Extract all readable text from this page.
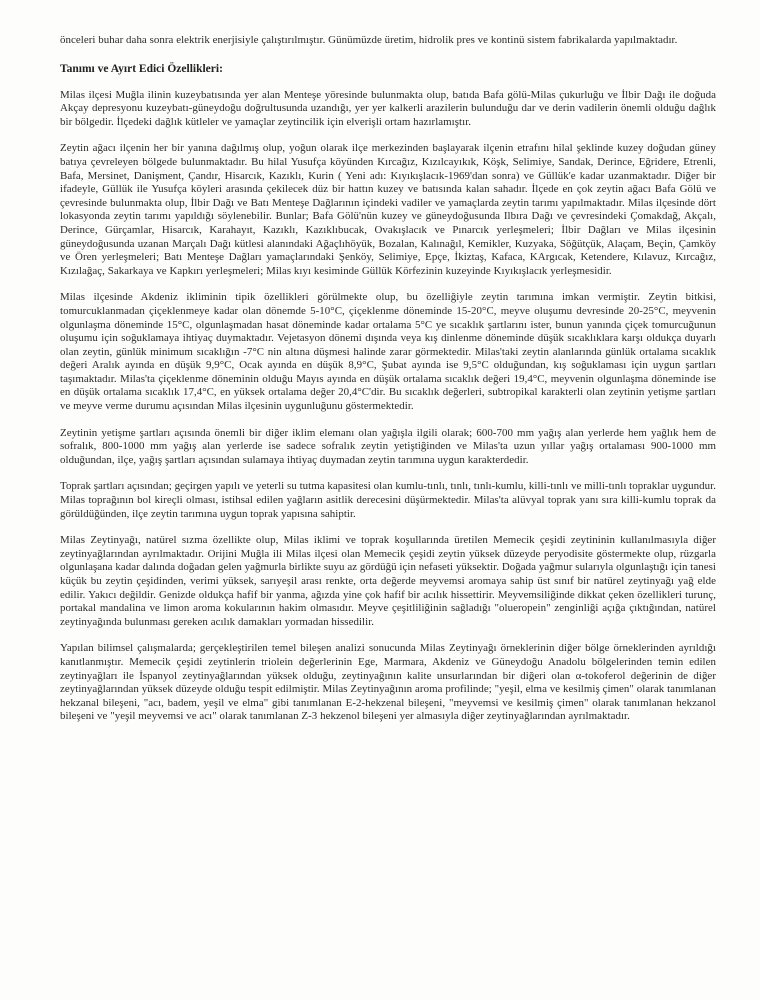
önceleri buhar daha sonra elektrik enerjisiyle çalıştırılmıştır. Günümüzde üretim, hidrolik pres ve kontinü sistem fabrikalarda yapılmaktadır.

Tanımı ve Ayırt Edici Özellikleri:

Milas ilçesi Muğla ilinin kuzeybatısında yer alan Menteşe yöresinde bulunmakta olup, batıda Bafa gölü-Milas çukurluğu ve İlbir Dağı ile doğuda Akçay depresyonu kuzeybatı-güneydoğu doğrultusunda uzandığı, yer yer kalkerli arazilerin bulunduğu dar ve derin vadilerin önemli olduğu dağlık bir bölgedir. İlçedeki dağlık kütleler ve yamaçlar zeytincilik için elverişli ortam hazırlamıştır.

Zeytin ağacı ilçenin her bir yanına dağılmış olup, yoğun olarak ilçe merkezinden başlayarak ilçenin etrafını hilal şeklinde kuzey doğudan güney batıya çevreleyen bölgede bulunmaktadır. Bu hilal Yusufça köyünden Kırcağız, Kızılcayıkık, Köşk, Selimiye, Sandak, Derince, Eğridere, Etrenli, Bafa, Mersinet, Danişment, Çandır, Hisarcık, Kazıklı, Kurin ( Yeni adı: Kıyıkışlacık-1969'dan sonra) ve Güllük'e kadar uzanmaktadır. Diğer bir ifadeyle, Güllük ile Yusufça köyleri arasında çekilecek düz bir hattın kuzey ve batısında kalan sahadır. İlçede en çok zeytin ağacı Bafa Gölü ve çevresinde bulunmakta olup, İlbir Dağı ve Batı Menteşe Dağlarının içindeki vadiler ve yamaçlarda zeytin tarımı yapılmaktadır. Milas ilçesinde dört lokasyonda zeytin tarımı yapıldığı söylenebilir. Bunlar; Bafa Gölü'nün kuzey ve güneydoğusunda Ilbıra Dağı ve çevresindeki Çomakdağ, Akçalı, Derince, Gürçamlar, Hisarcık, Karahayıt, Kazıklı, Kazıklıbucak, Ovakışlacık ve Pınarcık yerleşmeleri; İlbir Dağları ve Milas ilçesinin güneydoğusunda uzanan Marçalı Dağı kütlesi alanındaki Ağaçlıhöyük, Bozalan, Kalınağıl, Kemikler, Kuzyaka, Söğütçük, Alaçam, Beçin, Çamköy ve Ören yerleşmeleri; Batı Menteşe Dağları yamaçlarındaki Şenköy, Selimiye, Epçe, İkiztaş, Kafaca, KArgıcak, Ketendere, Kılavuz, Kırcağız, Kızılağaç, Sakarkaya ve Kapkırı yerleşmeleri; Milas kıyı kesiminde Güllük Körfezinin kuzeyinde Kıyıkışlacık yerleşmesidir.

Milas ilçesinde Akdeniz ikliminin tipik özellikleri görülmekte olup, bu özelliğiyle zeytin tarımına imkan vermiştir. Zeytin bitkisi, tomurcuklanmadan çiçeklenmeye kadar olan dönemde 5-10°C, çiçeklenme döneminde 15-20°C, meyve oluşumu devresinde 20-25°C, meyvenin olgunlaşma döneminde 15°C, olgunlaşmadan hasat döneminde kadar ortalama 5°C ye sıcaklık şartlarını ister, bunun yanında çiçek tomurcuğunun oluşumu için soğuklamaya ihtiyaç duymaktadır. Vejetasyon dönemi dışında veya kış dinlenme döneminde düşük sıcaklıklara karşı oldukça duyarlı olan zeytin, günlük minimum sıcaklığın -7°C nin altına düşmesi halinde zarar görmektedir. Milas'taki zeytin alanlarında günlük ortalama sıcaklık değeri Aralık ayında en düşük 9,9°C, Ocak ayında en düşük 8,9°C, Şubat ayında ise 9,5°C olduğundan, kış soğuklaması için uygun şartları taşımaktadır. Milas'ta çiçeklenme döneminin olduğu Mayıs ayında en düşük ortalama sıcaklık değeri 19,4°C, meyvenin olgunlaşma döneminde ise en düşük ortalama sıcaklık 17,4°C, en yüksek ortalama değer 20,4°C'dir. Bu sıcaklık değerleri, subtropikal karakterli olan zeytinin yetişme şartları ve meyve verme durumu açısından Milas ilçesinin uygunluğunu göstermektedir.

Zeytinin yetişme şartları açısında önemli bir diğer iklim elemanı olan yağışla ilgili olarak; 600-700 mm yağış alan yerlerde hem yağlık hem de sofralık, 800-1000 mm yağış alan yerlerde ise sadece sofralık zeytin yetiştiğinden ve Milas'ta uzun yıllar yağış ortalaması 900-1000 mm olduğundan, ilçe, yağış şartları açısından sulamaya ihtiyaç duymadan zeytin tarımına uygun karakterdedir.

Toprak şartları açısından; geçirgen yapılı ve yeterli su tutma kapasitesi olan kumlu-tınlı, tınlı, tınlı-kumlu, killi-tınlı ve milli-tınlı topraklar uygundur. Milas toprağının bol kireçli olması, istihsal edilen yağların asitlik derecesini düşürmektedir. Milas'ta alüvyal toprak yanı sıra killi-kumlu toprak da görüldüğünden, ilçe zeytin tarımına uygun toprak yapısına sahiptir.

Milas Zeytinyağı, natürel sızma özellikte olup, Milas iklimi ve toprak koşullarında üretilen Memecik çeşidi zeytininin kullanılmasıyla diğer zeytinyağlarından ayrılmaktadır. Orijini Muğla ili Milas ilçesi olan Memecik çeşidi zeytin yüksek düzeyde peryodisite göstermekte olup, rüzgarla olgunlaşana kadar dalında doğadan gelen yağmurla birlikte suyu az gördüğü için nefaseti yüksektir. Doğada yağmur sularıyla olgunlaştığı için tanesi küçük bu zeytin çeşidinden, verimi yüksek, sarıyeşil arası renkte, orta değerde meyvemsi aromaya sahip üst sınıf bir natürel zeytinyağı yağ elde edilir. Yakıcı değildir. Genizde oldukça hafif bir yanma, ağızda yine çok hafif bir acılık hissettirir. Meyvemsiliğinde dikkat çeken özellikleri turunç, portakal mandalina ve limon aroma kokularının hakim olmasıdır. Meyve çeşitliliğinin sağladığı "olueropein" zenginliği açığa çıktığından, natürel zeytinyağında bulunması gereken acılık damakları yormadan hissedilir.

Yapılan bilimsel çalışmalarda; gerçekleştirilen temel bileşen analizi sonucunda Milas Zeytinyağı örneklerinin diğer bölge örneklerinden ayrıldığı kanıtlanmıştır. Memecik çeşidi zeytinlerin triolein değerlerinin Ege, Marmara, Akdeniz ve Güneydoğu Anadolu bölgelerinden temin edilen zeytinyağları ile İspanyol zeytinyağlarından yüksek olduğu, zeytinyağının kalite unsurlarından bir diğeri olan α-tokoferol değerinin de diğer zeytinyağlarından yüksek düzeyde olduğu tespit edilmiştir. Milas Zeytinyağının aroma profilinde; "yeşil, elma ve kesilmiş çimen" olarak tanımlanan hekzanal bileşeni, "acı, badem, yeşil ve elma" gibi tanımlanan E-2-hekzenal bileşeni, "meyvemsi ve kesilmiş çimen" olarak tanımlanan hekzanol bileşeni ve "yeşil meyvemsi ve acı" olarak tanımlanan Z-3 hekzenol bileşeni yer almasıyla diğer zeytinyağlarından ayrılmaktadır.
